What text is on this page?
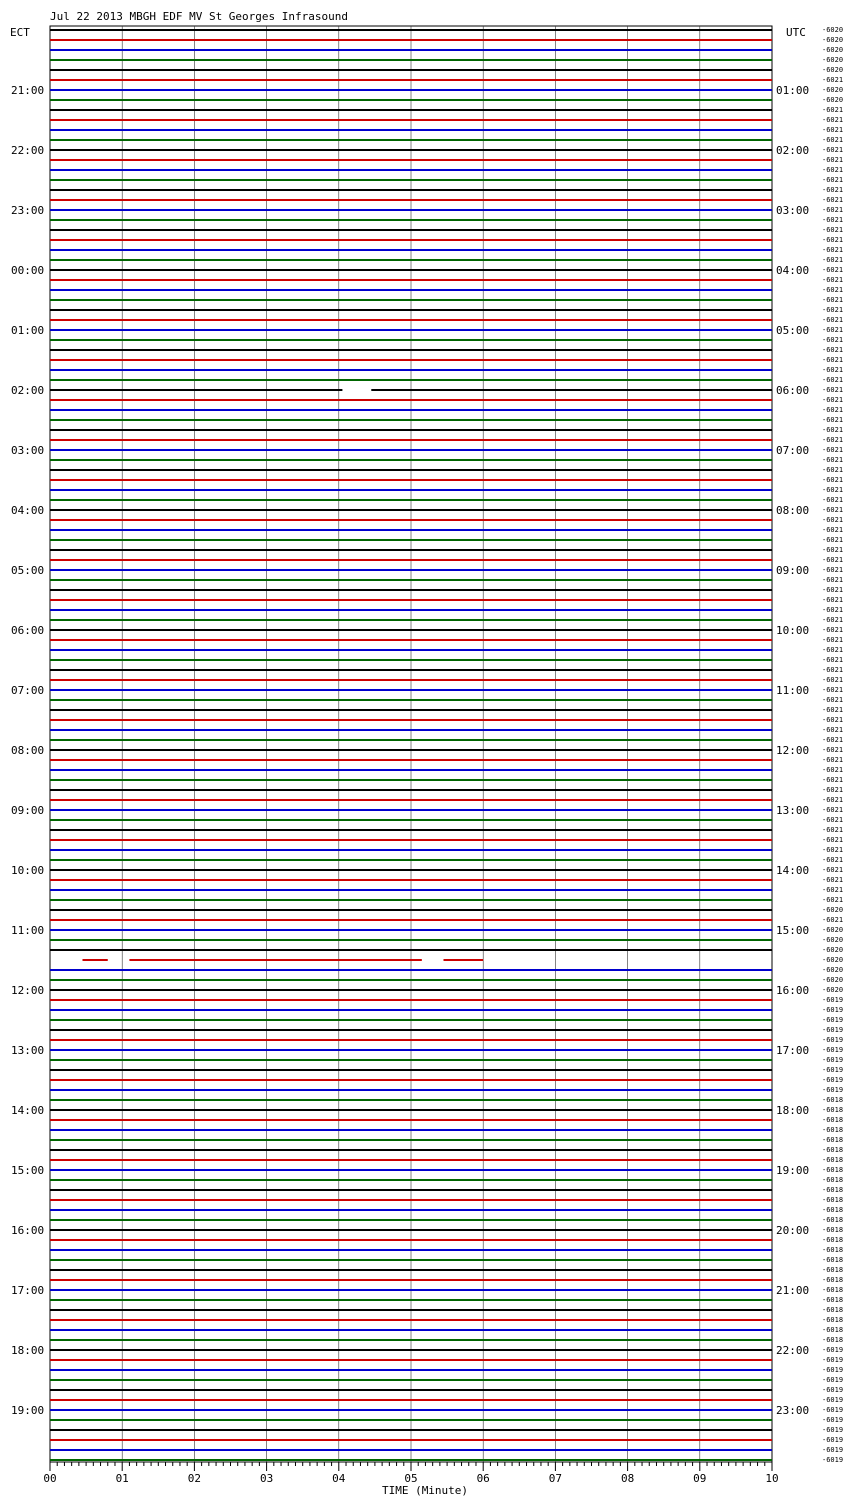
Jul 22 2013 MBGH EDF MV St Georges Infrasound
ECT	UTC
TIME (Minute)
00	01	02	03	04	05	06	07	08	09	10
-6020
-6020
-6020
-6020
-6020
-6021
-6020
-6020
-6021
-6021
-6021
-6021
-6021
-6021
-6021
-6021
-6021
-6021
-6021
-6021
-6021
-6021
-6021
-6021
-6021
-6021
-6021
-6021
-6021
-6021
-6021
-6021
-6021
-6021
-6021
-6021
-6021
-6021
-6021
-6021
-6021
-6021
-6021
-6021
-6021
-6021
-6021
-6021
-6021
-6021
-6021
-6021
-6021
-6021
-6021
-6021
-6021
-6021
-6021
-6021
-6021
-6021
-6021
-6021
-6021
-6021
-6021
-6021
-6021
-6021
-6021
-6021
-6021
-6021
-6021
-6021
-6021
-6021
-6021
-6021
-6021
-6021
-6021
-6021
-6021
-6021
-6021
-6021
-6020
-6021
-6020
-6020
-6020
-6020
-6020
-6020
-6020
-6019
-6019
-6019
-6019
-6019
-6019
-6019
-6019
-6019
-6019
-6018
-6018
-6018
-6018
-6018
-6018
-6018
-6018
-6018
-6018
-6018
-6018
-6018
-6018
-6018
-6018
-6018
-6018
-6018
-6018
-6018
-6018
-6018
-6018
-6018
-6019
-6019
-6019
-6019
-6019
-6019
-6019
-6019
-6019
-6019
-6019
-6019
21:00	01:00
22:00	02:00
23:00	03:00
00:00	04:00
01:00	05:00
02:00	06:00
03:00	07:00
04:00	08:00
05:00	09:00
06:00	10:00
07:00	11:00
08:00	12:00
09:00	13:00
10:00	14:00
11:00	15:00
12:00	16:00
13:00	17:00
14:00	18:00
15:00	19:00
16:00	20:00
17:00	21:00
18:00	22:00
19:00	23:00
